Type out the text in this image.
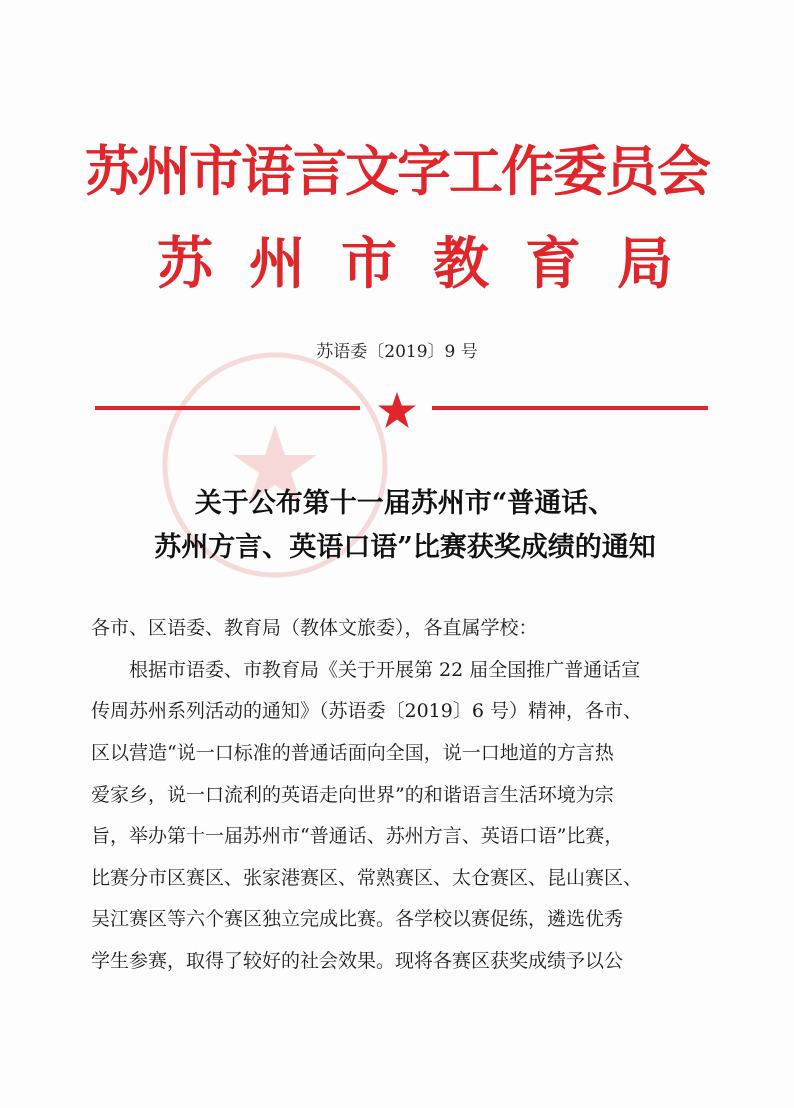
苏州市语言文字工作委员会
苏州市教育局
苏语委〔2019〕9 号
关于公布第十一届苏州市“普通话、
苏州方言、英语口语”比赛获奖成绩的通知
各市、区语委、教育局（教体文旅委），各直属学校：
　　根据市语委、市教育局《关于开展第 22 届全国推广普通话宣
传周苏州系列活动的通知》（苏语委〔2019〕6 号）精神，各市、
区以营造“说一口标准的普通话面向全国，说一口地道的方言热
爱家乡，说一口流利的英语走向世界”的和谐语言生活环境为宗
旨，举办第十一届苏州市“普通话、苏州方言、英语口语”比赛，
比赛分市区赛区、张家港赛区、常熟赛区、太仓赛区、昆山赛区、
吴江赛区等六个赛区独立完成比赛。各学校以赛促练，遴选优秀
学生参赛，取得了较好的社会效果。现将各赛区获奖成绩予以公
